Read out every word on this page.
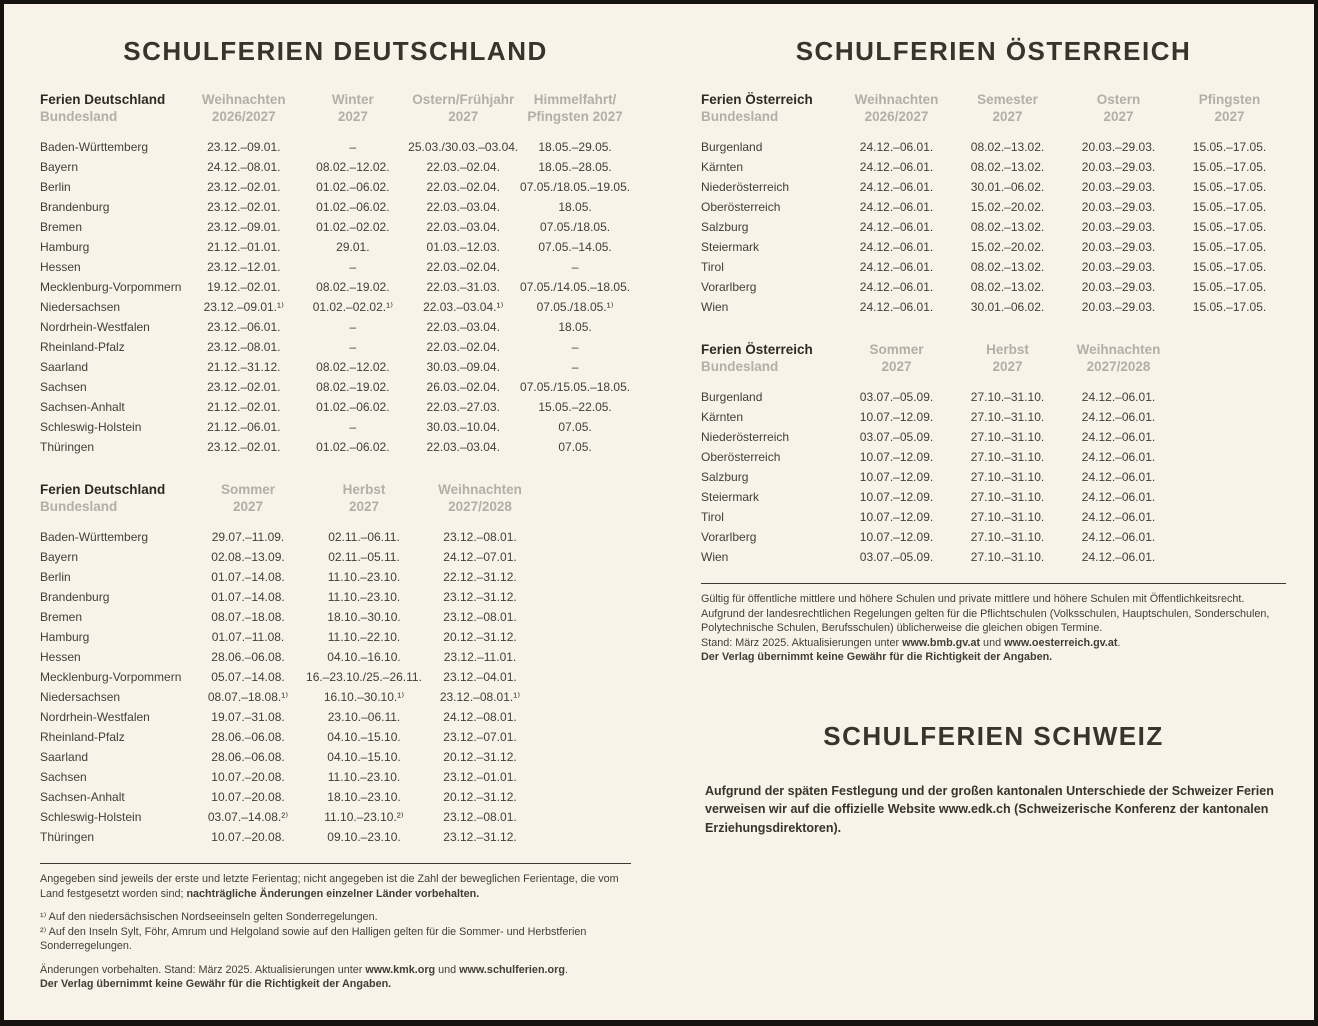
SCHULFERIEN DEUTSCHLAND
Ferien Deutschland
Bundesland

Weihnachten
2026/2027

Winter
2027

Ostern/Frühjahr
2027

Himmelfahrt/
Pfingsten 2027

Baden-Württemberg	23.12.–09.01.	–	25.03./30.03.–03.04.	18.05.–29.05.
Bayern	24.12.–08.01.	08.02.–12.02.	22.03.–02.04.	18.05.–28.05.
Berlin	23.12.–02.01.	01.02.–06.02.	22.03.–02.04.	07.05./18.05.–19.05.
Brandenburg	23.12.–02.01.	01.02.–06.02.	22.03.–03.04.	18.05.
Bremen	23.12.–09.01.	01.02.–02.02.	22.03.–03.04.	07.05./18.05.
Hamburg	21.12.–01.01.	29.01.	01.03.–12.03.	07.05.–14.05.
Hessen	23.12.–12.01.	–	22.03.–02.04.	–
Mecklenburg-Vorpommern	19.12.–02.01.	08.02.–19.02.	22.03.–31.03.	07.05./14.05.–18.05.
Niedersachsen	23.12.–09.01.¹⁾	01.02.–02.02.¹⁾	22.03.–03.04.¹⁾	07.05./18.05.¹⁾
Nordrhein-Westfalen	23.12.–06.01.	–	22.03.–03.04.	18.05.
Rheinland-Pfalz	23.12.–08.01.	–	22.03.–02.04.	–
Saarland	21.12.–31.12.	08.02.–12.02.	30.03.–09.04.	–
Sachsen	23.12.–02.01.	08.02.–19.02.	26.03.–02.04.	07.05./15.05.–18.05.
Sachsen-Anhalt	21.12.–02.01.	01.02.–06.02.	22.03.–27.03.	15.05.–22.05.
Schleswig-Holstein	21.12.–06.01.	–	30.03.–10.04.	07.05.
Thüringen	23.12.–02.01.	01.02.–06.02.	22.03.–03.04.	07.05.
Ferien Deutschland
Bundesland

Sommer
2027

Herbst
2027

Weihnachten
2027/2028

Baden-Württemberg	29.07.–11.09.	02.11.–06.11.	23.12.–08.01.
Bayern	02.08.–13.09.	02.11.–05.11.	24.12.–07.01.
Berlin	01.07.–14.08.	11.10.–23.10.	22.12.–31.12.
Brandenburg	01.07.–14.08.	11.10.–23.10.	23.12.–31.12.
Bremen	08.07.–18.08.	18.10.–30.10.	23.12.–08.01.
Hamburg	01.07.–11.08.	11.10.–22.10.	20.12.–31.12.
Hessen	28.06.–06.08.	04.10.–16.10.	23.12.–11.01.
Mecklenburg-Vorpommern	05.07.–14.08.	16.–23.10./25.–26.11.	23.12.–04.01.
Niedersachsen	08.07.–18.08.¹⁾	16.10.–30.10.¹⁾	23.12.–08.01.¹⁾
Nordrhein-Westfalen	19.07.–31.08.	23.10.–06.11.	24.12.–08.01.
Rheinland-Pfalz	28.06.–06.08.	04.10.–15.10.	23.12.–07.01.
Saarland	28.06.–06.08.	04.10.–15.10.	20.12.–31.12.
Sachsen	10.07.–20.08.	11.10.–23.10.	23.12.–01.01.
Sachsen-Anhalt	10.07.–20.08.	18.10.–23.10.	20.12.–31.12.
Schleswig-Holstein	03.07.–14.08.²⁾	11.10.–23.10.²⁾	23.12.–08.01.
Thüringen	10.07.–20.08.	09.10.–23.10.	23.12.–31.12.

Angegeben sind jeweils der erste und letzte Ferientag; nicht angegeben ist die Zahl der beweglichen Ferientage, die vom Land festgesetzt worden sind; nachträgliche Änderungen einzelner Länder vorbehalten.

¹⁾ Auf den niedersächsischen Nordseeinseln gelten Sonderregelungen.

²⁾ Auf den Inseln Sylt, Föhr, Amrum und Helgoland sowie auf den Halligen gelten für die Sommer- und Herbstferien Sonderregelungen.

Änderungen vorbehalten. Stand: März 2025. Aktualisierungen unter www.kmk.org und www.schulferien.org.

Der Verlag übernimmt keine Gewähr für die Richtigkeit der Angaben.

SCHULFERIEN ÖSTERREICH
Ferien Österreich
Bundesland

Weihnachten
2026/2027

Semester
2027

Ostern
2027

Pfingsten
2027

Burgenland	24.12.–06.01.	08.02.–13.02.	20.03.–29.03.	15.05.–17.05.
Kärnten	24.12.–06.01.	08.02.–13.02.	20.03.–29.03.	15.05.–17.05.
Niederösterreich	24.12.–06.01.	30.01.–06.02.	20.03.–29.03.	15.05.–17.05.
Oberösterreich	24.12.–06.01.	15.02.–20.02.	20.03.–29.03.	15.05.–17.05.
Salzburg	24.12.–06.01.	08.02.–13.02.	20.03.–29.03.	15.05.–17.05.
Steiermark	24.12.–06.01.	15.02.–20.02.	20.03.–29.03.	15.05.–17.05.
Tirol	24.12.–06.01.	08.02.–13.02.	20.03.–29.03.	15.05.–17.05.
Vorarlberg	24.12.–06.01.	08.02.–13.02.	20.03.–29.03.	15.05.–17.05.
Wien	24.12.–06.01.	30.01.–06.02.	20.03.–29.03.	15.05.–17.05.
Ferien Österreich
Bundesland

Sommer
2027

Herbst
2027

Weihnachten
2027/2028

Burgenland	03.07.–05.09.	27.10.–31.10.	24.12.–06.01.
Kärnten	10.07.–12.09.	27.10.–31.10.	24.12.–06.01.
Niederösterreich	03.07.–05.09.	27.10.–31.10.	24.12.–06.01.
Oberösterreich	10.07.–12.09.	27.10.–31.10.	24.12.–06.01.
Salzburg	10.07.–12.09.	27.10.–31.10.	24.12.–06.01.
Steiermark	10.07.–12.09.	27.10.–31.10.	24.12.–06.01.
Tirol	10.07.–12.09.	27.10.–31.10.	24.12.–06.01.
Vorarlberg	10.07.–12.09.	27.10.–31.10.	24.12.–06.01.
Wien	03.07.–05.09.	27.10.–31.10.	24.12.–06.01.

Gültig für öffentliche mittlere und höhere Schulen und private mittlere und höhere Schulen mit Öffentlichkeitsrecht.

Aufgrund der landesrechtlichen Regelungen gelten für die Pflichtschulen (Volksschulen, Hauptschulen, Sonderschulen, Polytechnische Schulen, Berufsschulen) üblicherweise die gleichen obigen Termine.

Stand: März 2025. Aktualisierungen unter www.bmb.gv.at und www.oesterreich.gv.at.

Der Verlag übernimmt keine Gewähr für die Richtigkeit der Angaben.

SCHULFERIEN SCHWEIZ

Aufgrund der späten Festlegung und der großen kantonalen Unterschiede der Schweizer Ferien verweisen wir auf die offizielle Website www.edk.ch (Schweizerische Konferenz der kantonalen Erziehungsdirektoren).
